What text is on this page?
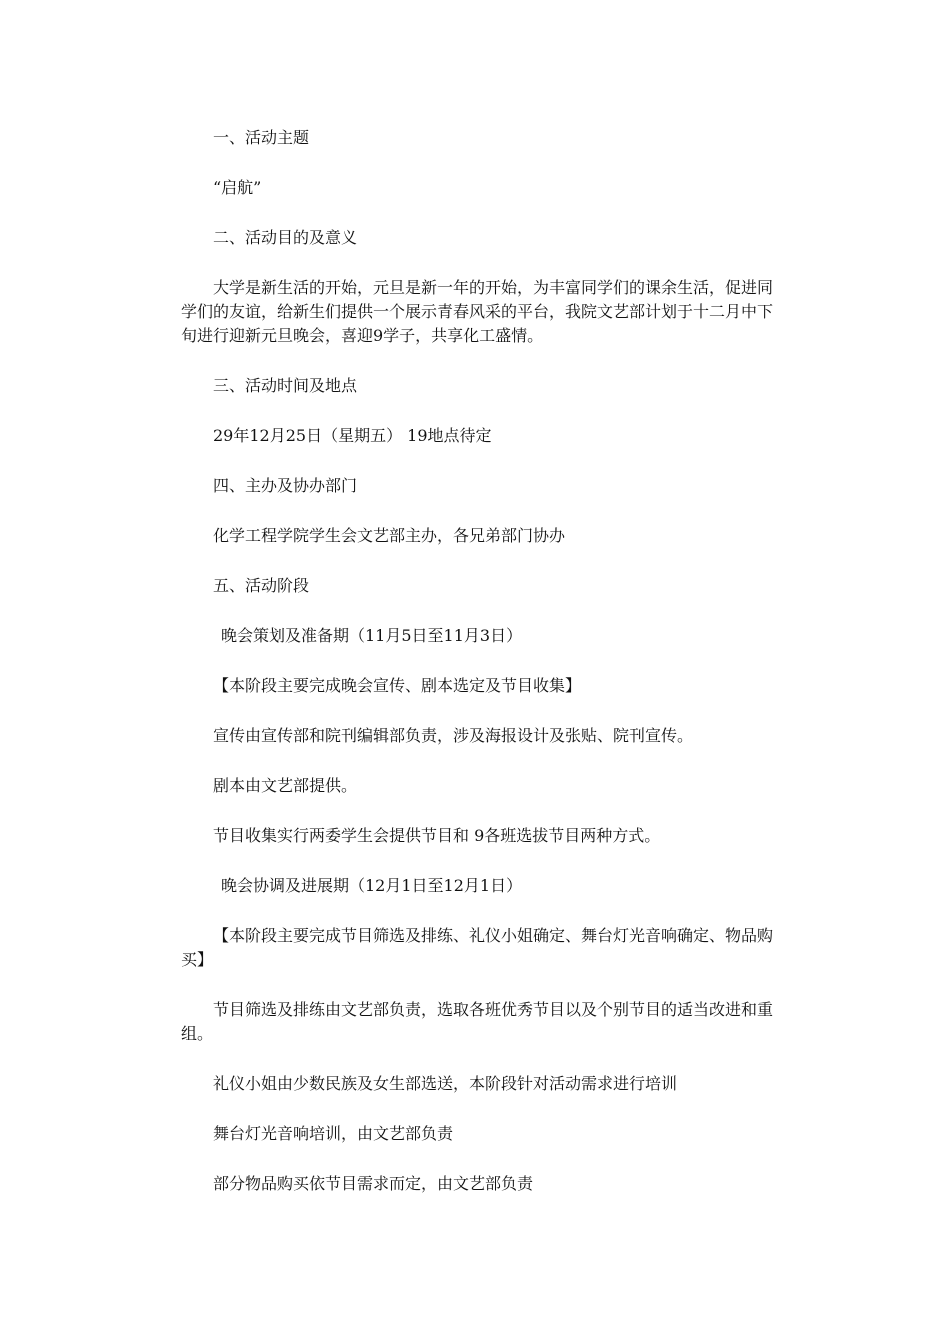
一、活动主题

“启航”

二、活动目的及意义

大学是新生活的开始，元旦是新一年的开始，为丰富同学们的课余生活，促进同学们的友谊，给新生们提供一个展示青春风采的平台，我院文艺部计划于十二月中下旬进行迎新元旦晚会，喜迎9学子，共享化工盛情。

三、活动时间及地点

29年12月25日（星期五） 19地点待定

四、主办及协办部门

化学工程学院学生会文艺部主办，各兄弟部门协办

五、活动阶段

晚会策划及准备期（11月5日至11月3日）

【本阶段主要完成晚会宣传、剧本选定及节目收集】

宣传由宣传部和院刊编辑部负责，涉及海报设计及张贴、院刊宣传。

剧本由文艺部提供。

节目收集实行两委学生会提供节目和 9各班选拔节目两种方式。

晚会协调及进展期（12月1日至12月1日）

【本阶段主要完成节目筛选及排练、礼仪小姐确定、舞台灯光音响确定、物品购买】

节目筛选及排练由文艺部负责，选取各班优秀节目以及个别节目的适当改进和重组。

礼仪小姐由少数民族及女生部选送，本阶段针对活动需求进行培训

舞台灯光音响培训，由文艺部负责

部分物品购买依节目需求而定，由文艺部负责
